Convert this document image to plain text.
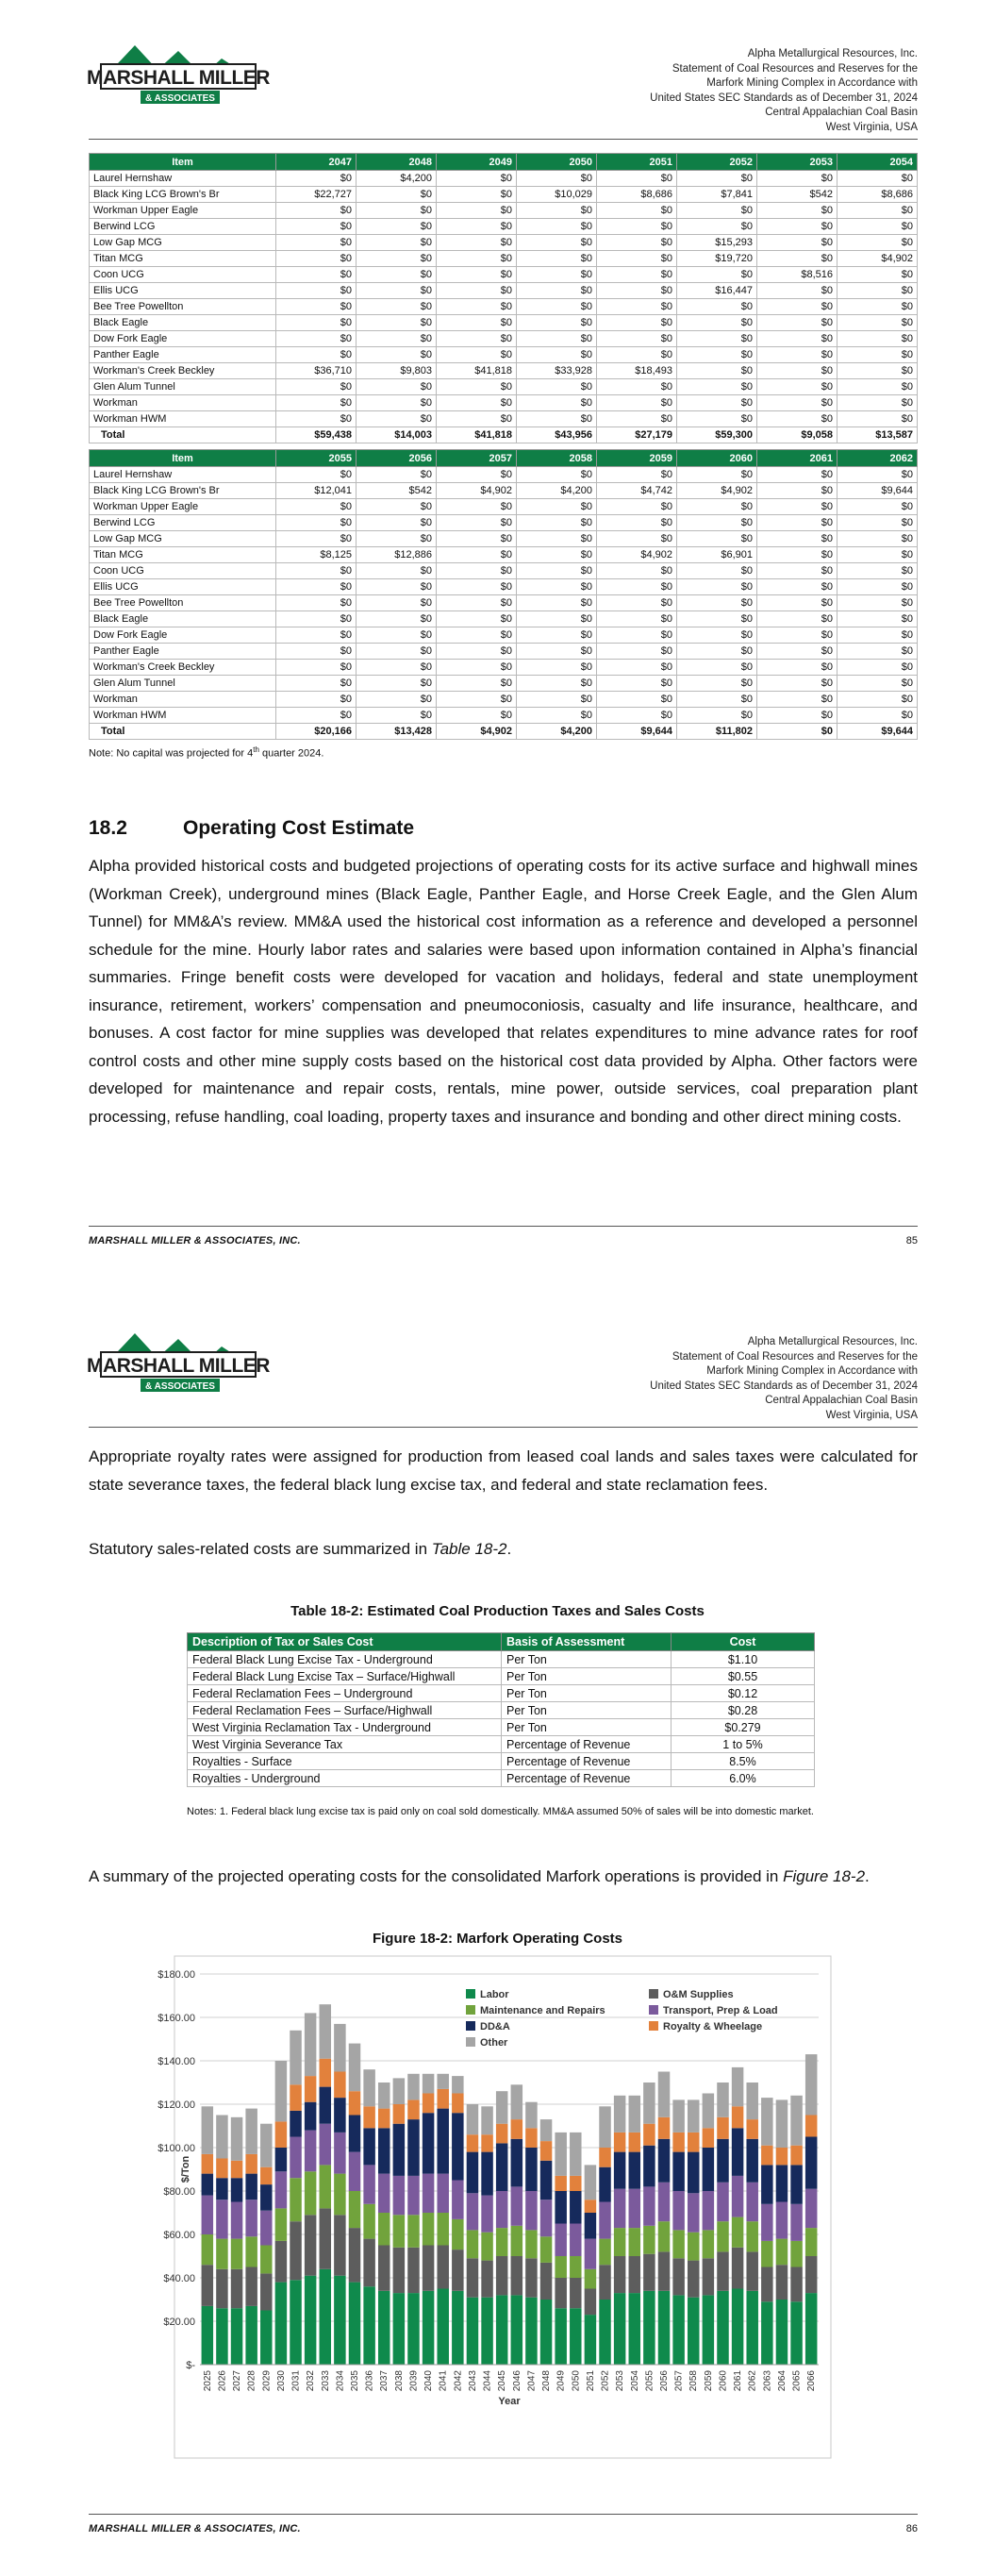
MARSHALL MILLER
& ASSOCIATES
Alpha Metallurgical Resources, Inc.
Statement of Coal Resources and Reserves for the
Marfork Mining Complex in Accordance with
United States SEC Standards as of December 31, 2024
Central Appalachian Coal Basin
West Virginia, USA
Item	2047	2048	2049	2050	2051	2052	2053	2054
Laurel Hernshaw	$0	$4,200	$0	$0	$0	$0	$0	$0
Black King LCG Brown's Br	$22,727	$0	$0	$10,029	$8,686	$7,841	$542	$8,686
Workman Upper Eagle	$0	$0	$0	$0	$0	$0	$0	$0
Berwind LCG	$0	$0	$0	$0	$0	$0	$0	$0
Low Gap MCG	$0	$0	$0	$0	$0	$15,293	$0	$0
Titan MCG	$0	$0	$0	$0	$0	$19,720	$0	$4,902
Coon UCG	$0	$0	$0	$0	$0	$0	$8,516	$0
Ellis UCG	$0	$0	$0	$0	$0	$16,447	$0	$0
Bee Tree Powellton	$0	$0	$0	$0	$0	$0	$0	$0
Black Eagle	$0	$0	$0	$0	$0	$0	$0	$0
Dow Fork Eagle	$0	$0	$0	$0	$0	$0	$0	$0
Panther Eagle	$0	$0	$0	$0	$0	$0	$0	$0
Workman's Creek Beckley	$36,710	$9,803	$41,818	$33,928	$18,493	$0	$0	$0
Glen Alum Tunnel	$0	$0	$0	$0	$0	$0	$0	$0
Workman	$0	$0	$0	$0	$0	$0	$0	$0
Workman HWM	$0	$0	$0	$0	$0	$0	$0	$0
Total	$59,438	$14,003	$41,818	$43,956	$27,179	$59,300	$9,058	$13,587
Item	2055	2056	2057	2058	2059	2060	2061	2062
Laurel Hernshaw	$0	$0	$0	$0	$0	$0	$0	$0
Black King LCG Brown's Br	$12,041	$542	$4,902	$4,200	$4,742	$4,902	$0	$9,644
Workman Upper Eagle	$0	$0	$0	$0	$0	$0	$0	$0
Berwind LCG	$0	$0	$0	$0	$0	$0	$0	$0
Low Gap MCG	$0	$0	$0	$0	$0	$0	$0	$0
Titan MCG	$8,125	$12,886	$0	$0	$4,902	$6,901	$0	$0
Coon UCG	$0	$0	$0	$0	$0	$0	$0	$0
Ellis UCG	$0	$0	$0	$0	$0	$0	$0	$0
Bee Tree Powellton	$0	$0	$0	$0	$0	$0	$0	$0
Black Eagle	$0	$0	$0	$0	$0	$0	$0	$0
Dow Fork Eagle	$0	$0	$0	$0	$0	$0	$0	$0
Panther Eagle	$0	$0	$0	$0	$0	$0	$0	$0
Workman's Creek Beckley	$0	$0	$0	$0	$0	$0	$0	$0
Glen Alum Tunnel	$0	$0	$0	$0	$0	$0	$0	$0
Workman	$0	$0	$0	$0	$0	$0	$0	$0
Workman HWM	$0	$0	$0	$0	$0	$0	$0	$0
Total	$20,166	$13,428	$4,902	$4,200	$9,644	$11,802	$0	$9,644
Note: No capital was projected for 4th quarter 2024.
18.2	Operating Cost Estimate
Alpha provided historical costs and budgeted projections of operating costs for its active surface and highwall mines (Workman Creek), underground mines (Black Eagle, Panther Eagle, and Horse Creek Eagle, and the Glen Alum Tunnel) for MM&A’s review. MM&A used the historical cost information as a reference and developed a personnel schedule for the mine. Hourly labor rates and salaries were based upon information contained in Alpha’s financial summaries. Fringe benefit costs were developed for vacation and holidays, federal and state unemployment insurance, retirement, workers’ compensation and pneumoconiosis, casualty and life insurance, healthcare, and bonuses. A cost factor for mine supplies was developed that relates expenditures to mine advance rates for roof control costs and other mine supply costs based on the historical cost data provided by Alpha. Other factors were developed for maintenance and repair costs, rentals, mine power, outside services, coal preparation plant processing, refuse handling, coal loading, property taxes and insurance and bonding and other direct mining costs.
MARSHALL MILLER & ASSOCIATES, INC.	85
MARSHALL MILLER
& ASSOCIATES
Alpha Metallurgical Resources, Inc.
Statement of Coal Resources and Reserves for the
Marfork Mining Complex in Accordance with
United States SEC Standards as of December 31, 2024
Central Appalachian Coal Basin
West Virginia, USA
Appropriate royalty rates were assigned for production from leased coal lands and sales taxes were calculated for state severance taxes, the federal black lung excise tax, and federal and state reclamation fees.
Statutory sales-related costs are summarized in Table 18-2.
Table 18-2: Estimated Coal Production Taxes and Sales Costs
Description of Tax or Sales Cost	Basis of Assessment	Cost
Federal Black Lung Excise Tax - Underground	Per Ton	$1.10
Federal Black Lung Excise Tax – Surface/Highwall	Per Ton	$0.55
Federal Reclamation Fees – Underground	Per Ton	$0.12
Federal Reclamation Fees – Surface/Highwall	Per Ton	$0.28
West Virginia Reclamation Tax - Underground	Per Ton	$0.279
West Virginia Severance Tax	Percentage of Revenue	1 to 5%
Royalties - Surface	Percentage of Revenue	8.5%
Royalties - Underground	Percentage of Revenue	6.0%
Notes: 1. Federal black lung excise tax is paid only on coal sold domestically. MM&A assumed 50% of sales will be into domestic market.
A summary of the projected operating costs for the consolidated Marfork operations is provided in Figure 18-2.
Figure 18-2: Marfork Operating Costs
$-
$20.00
$40.00
$60.00
$80.00
$100.00
$120.00
$140.00
$160.00
$180.00
$/Ton
2025 2026 2027 2028 2029 2030 2031 2032 2033 2034 2035 2036 2037 2038 2039 2040 2041 2042 2043 2044 2045 2046 2047 2048 2049 2050 2051 2052 2053 2054 2055 2056 2057 2058 2059 2060 2061 2062 2063 2064 2065 2066
Year
Labor	O&M Supplies
Maintenance and Repairs	Transport, Prep & Load
DD&A	Royalty & Wheelage
Other
MARSHALL MILLER & ASSOCIATES, INC.	86
